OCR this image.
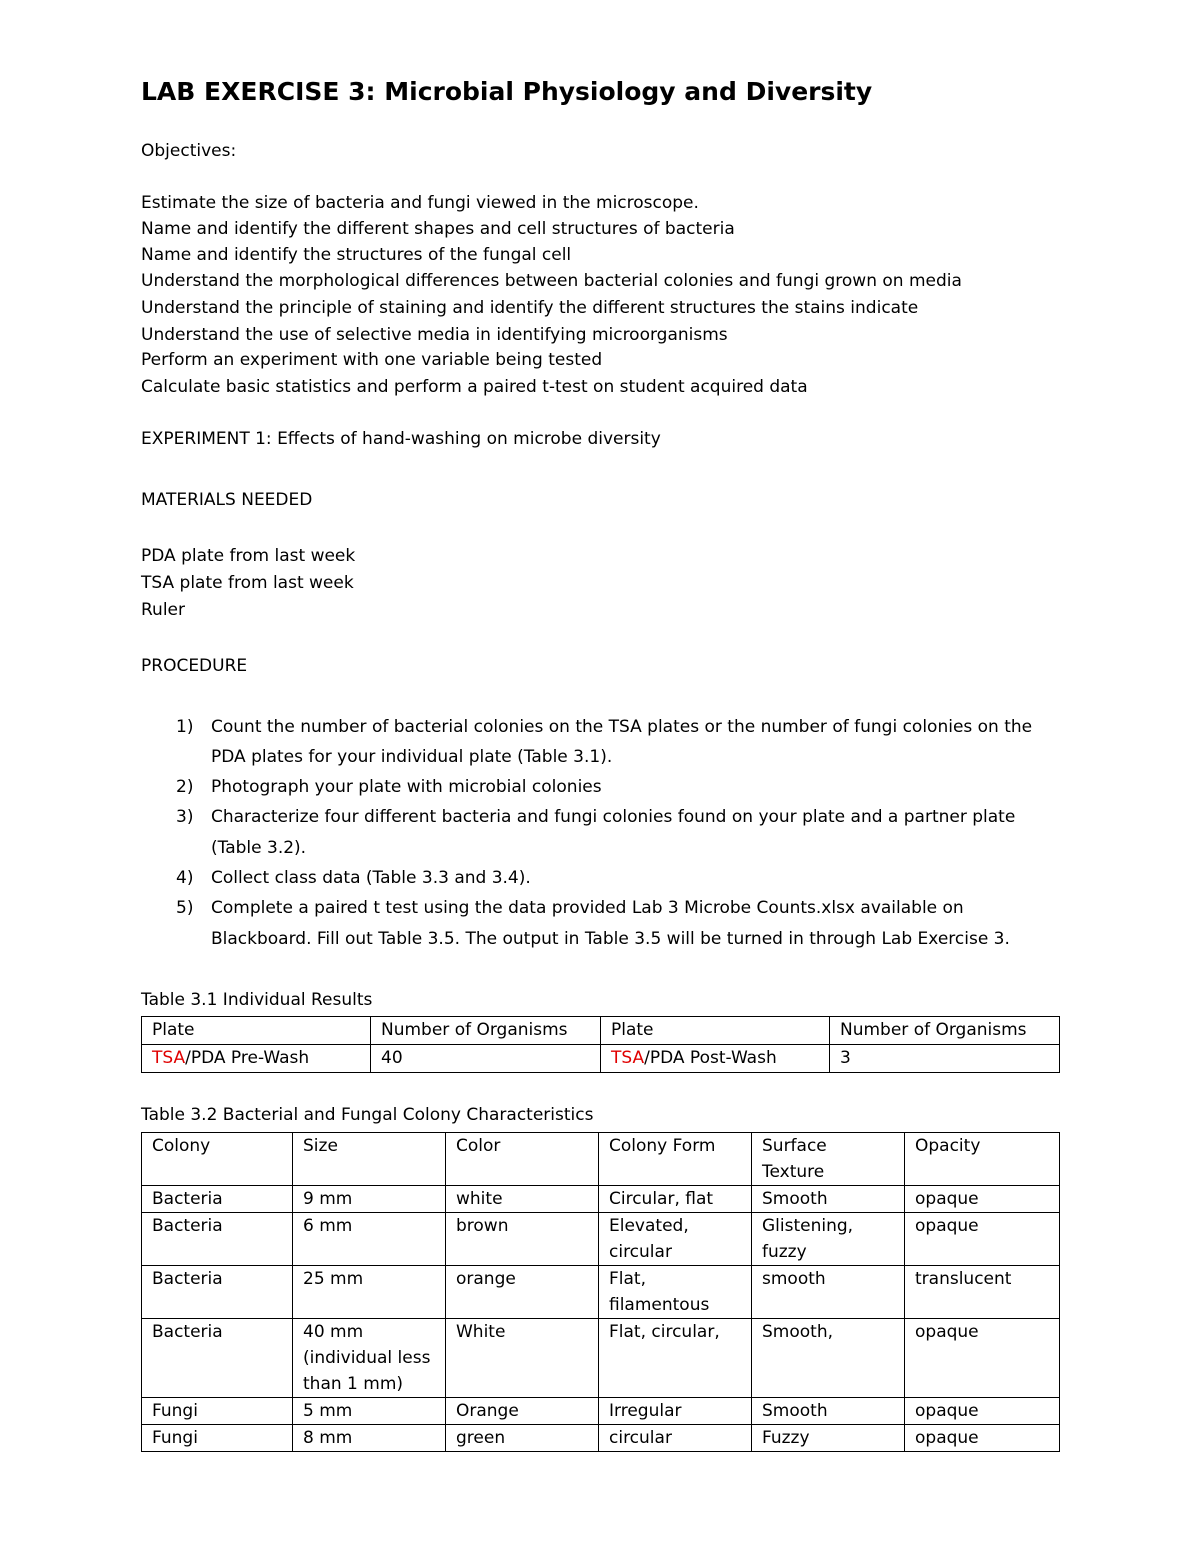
LAB EXERCISE 3: Microbial Physiology and Diversity
Objectives:
Estimate the size of bacteria and fungi viewed in the microscope.
Name and identify the different shapes and cell structures of bacteria
Name and identify the structures of the fungal cell
Understand the morphological differences between bacterial colonies and fungi grown on media
Understand the principle of staining and identify the different structures the stains indicate
Understand the use of selective media in identifying microorganisms
Perform an experiment with one variable being tested
Calculate basic statistics and perform a paired t-test on student acquired data
EXPERIMENT 1: Effects of hand-washing on microbe diversity
MATERIALS NEEDED
PDA plate from last week
TSA plate from last week
Ruler
PROCEDURE
1) Count the number of bacterial colonies on the TSA plates or the number of fungi colonies on the
PDA plates for your individual plate (Table 3.1).
2) Photograph your plate with microbial colonies
3) Characterize four different bacteria and fungi colonies found on your plate and a partner plate
(Table 3.2).
4) Collect class data (Table 3.3 and 3.4).
5) Complete a paired t test using the data provided Lab 3 Microbe Counts.xlsx available on
Blackboard. Fill out Table 3.5. The output in Table 3.5 will be turned in through Lab Exercise 3.
Table 3.1 Individual Results
Plate	Number of Organisms	Plate	Number of Organisms
TSA/PDA Pre-Wash	40	TSA/PDA Post-Wash	3
Table 3.2 Bacterial and Fungal Colony Characteristics
Colony	Size	Color	Colony Form	Surface Texture	Opacity
Bacteria	9 mm	white	Circular, flat	Smooth	opaque
Bacteria	6 mm	brown	Elevated, circular	Glistening, fuzzy	opaque
Bacteria	25 mm	orange	Flat, filamentous	smooth	translucent
Bacteria	40 mm (individual less than 1 mm)	White	Flat, circular,	Smooth,	opaque
Fungi	5 mm	Orange	Irregular	Smooth	opaque
Fungi	8 mm	green	circular	Fuzzy	opaque
